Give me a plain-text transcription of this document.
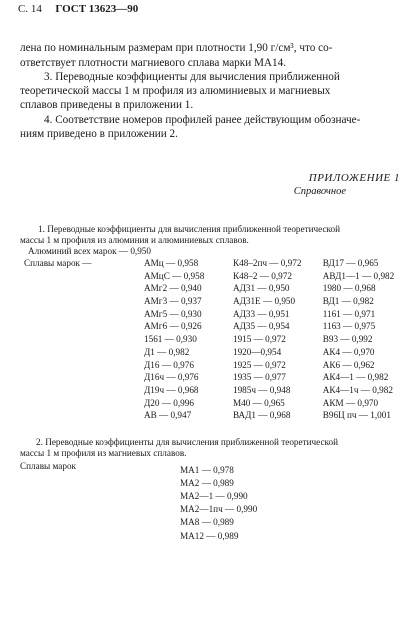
С. 14 ГОСТ 13623—90
лена по номинальным размерам при плотности 1,90 г/см³, что со-
ответствует плотности магниевого сплава марки МА14.
3. Переводные коэффициенты для вычисления приближенной
теоретической массы 1 м профиля из алюминиевых и магниевых
сплавов приведены в приложении 1.
4. Соответствие номеров профилей ранее действующим обозначе-
ниям приведено в приложении 2.
ПРИЛОЖЕНИЕ 1
Справочное
1. Переводные коэффициенты для вычисления приближенной теоретической
массы 1 м профиля из алюминия и алюминиевых сплавов.
Алюминий всех марок — 0,950
Сплавы марок —	АМц — 0,958	К48–2пч — 0,972	ВД17 — 0,965
АМцС — 0,958	К48–2 — 0,972	АВД1—1 — 0,982
АМг2 — 0,940	АД31 — 0,950	1980 — 0,968
АМг3 — 0,937	АД31Е — 0,950	ВД1 — 0,982
АМг5 — 0,930	АД33 — 0,951	1161 — 0,971
АМг6 — 0,926	АД35 — 0,954	1163 — 0,975
1561 — 0,930	1915 — 0,972	В93 — 0,992
Д1 — 0,982	1920—0,954	АК4 — 0,970
Д16 — 0,976	1925 — 0,972	АК6 — 0,962
Д16ч — 0,976	1935 — 0,977	АК4—1 — 0,982
Д19ч — 0,968	1985ч — 0,948	АК4—1ч — 0,982
Д20 — 0,996	М40 — 0,965	АКМ — 0,970
АВ — 0,947	ВАД1 — 0,968	В96Ц пч — 1,001
2. Переводные коэффициенты для вычисления приближенной теоретической
массы 1 м профиля из магниевых сплавов.
Сплавы марок	МА1 — 0,978
МА2 — 0,989
МА2—1 — 0,990
МА2—1пч — 0,990
МА8 — 0,989
МА12 — 0,989
